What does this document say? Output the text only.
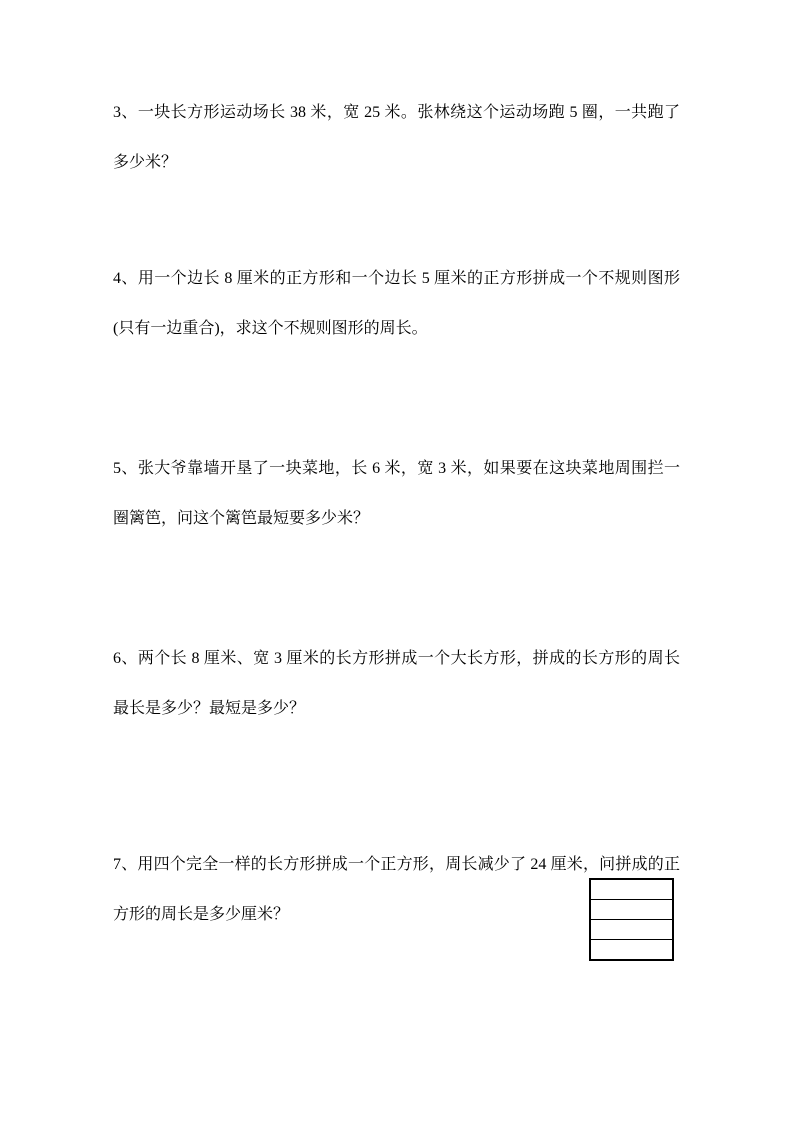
3、一块长方形运动场长 38 米，宽 25 米。张林绕这个运动场跑 5 圈，一共跑了
多少米？
4、用一个边长 8 厘米的正方形和一个边长 5 厘米的正方形拼成一个不规则图形
(只有一边重合)，求这个不规则图形的周长。
5、张大爷靠墙开垦了一块菜地，长 6 米，宽 3 米，如果要在这块菜地周围拦一
圈篱笆，问这个篱笆最短要多少米？
6、两个长 8 厘米、宽 3 厘米的长方形拼成一个大长方形，拼成的长方形的周长
最长是多少？最短是多少？
7、用四个完全一样的长方形拼成一个正方形，周长减少了 24 厘米，问拼成的正
方形的周长是多少厘米？
